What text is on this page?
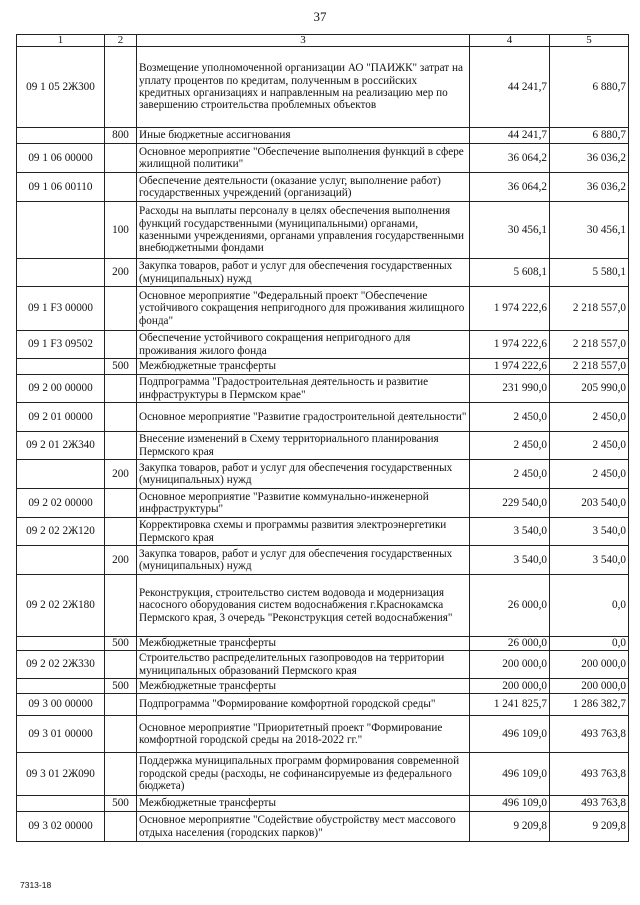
37
1	2	3	4	5
09 1 05 2Ж300		Возмещение уполномоченной организации АО "ПАИЖК" затрат на уплату процентов по кредитам, полученным в российских кредитных организациях и направленным на реализацию мер по завершению строительства проблемных объектов	44 241,7	6 880,7
	800	Иные бюджетные ассигнования	44 241,7	6 880,7
09 1 06 00000		Основное мероприятие "Обеспечение выполнения функций в сфере жилищной политики"	36 064,2	36 036,2
09 1 06 00110		Обеспечение деятельности (оказание услуг, выполнение работ) государственных учреждений (организаций)	36 064,2	36 036,2
	100	Расходы на выплаты персоналу в целях обеспечения выполнения функций государственными (муниципальными) органами, казенными учреждениями, органами управления государственными внебюджетными фондами	30 456,1	30 456,1
	200	Закупка товаров, работ и услуг для обеспечения государственных (муниципальных) нужд	5 608,1	5 580,1
09 1 F3 00000		Основное мероприятие "Федеральный проект "Обеспечение устойчивого сокращения непригодного для проживания жилищного фонда"	1 974 222,6	2 218 557,0
09 1 F3 09502		Обеспечение устойчивого сокращения непригодного для проживания жилого фонда	1 974 222,6	2 218 557,0
	500	Межбюджетные трансферты	1 974 222,6	2 218 557,0
09 2 00 00000		Подпрограмма "Градостроительная деятельность и развитие инфраструктуры в Пермском крае"	231 990,0	205 990,0
09 2 01 00000		Основное мероприятие "Развитие градостроительной деятельности"	2 450,0	2 450,0
09 2 01 2Ж340		Внесение изменений в Схему территориального планирования Пермского края	2 450,0	2 450,0
	200	Закупка товаров, работ и услуг для обеспечения государственных (муниципальных) нужд	2 450,0	2 450,0
09 2 02 00000		Основное мероприятие "Развитие коммунально-инженерной инфраструктуры"	229 540,0	203 540,0
09 2 02 2Ж120		Корректировка схемы и программы развития электроэнергетики Пермского края	3 540,0	3 540,0
	200	Закупка товаров, работ и услуг для обеспечения государственных (муниципальных) нужд	3 540,0	3 540,0
09 2 02 2Ж180		Реконструкция, строительство систем водовода и модернизация насосного оборудования систем водоснабжения г.Краснокамска Пермского края, 3 очередь "Реконструкция сетей водоснабжения"	26 000,0	0,0
	500	Межбюджетные трансферты	26 000,0	0,0
09 2 02 2Ж330		Строительство распределительных газопроводов на территории муниципальных образований Пермского края	200 000,0	200 000,0
	500	Межбюджетные трансферты	200 000,0	200 000,0
09 3 00 00000		Подпрограмма "Формирование комфортной городской среды"	1 241 825,7	1 286 382,7
09 3 01 00000		Основное мероприятие "Приоритетный проект "Формирование комфортной городской среды на 2018-2022 гг."	496 109,0	493 763,8
09 3 01 2Ж090		Поддержка муниципальных программ формирования современной городской среды (расходы, не софинансируемые из федерального бюджета)	496 109,0	493 763,8
	500	Межбюджетные трансферты	496 109,0	493 763,8
09 3 02 00000		Основное мероприятие "Содействие обустройству мест массового отдыха населения (городских парков)"	9 209,8	9 209,8
7313-18
